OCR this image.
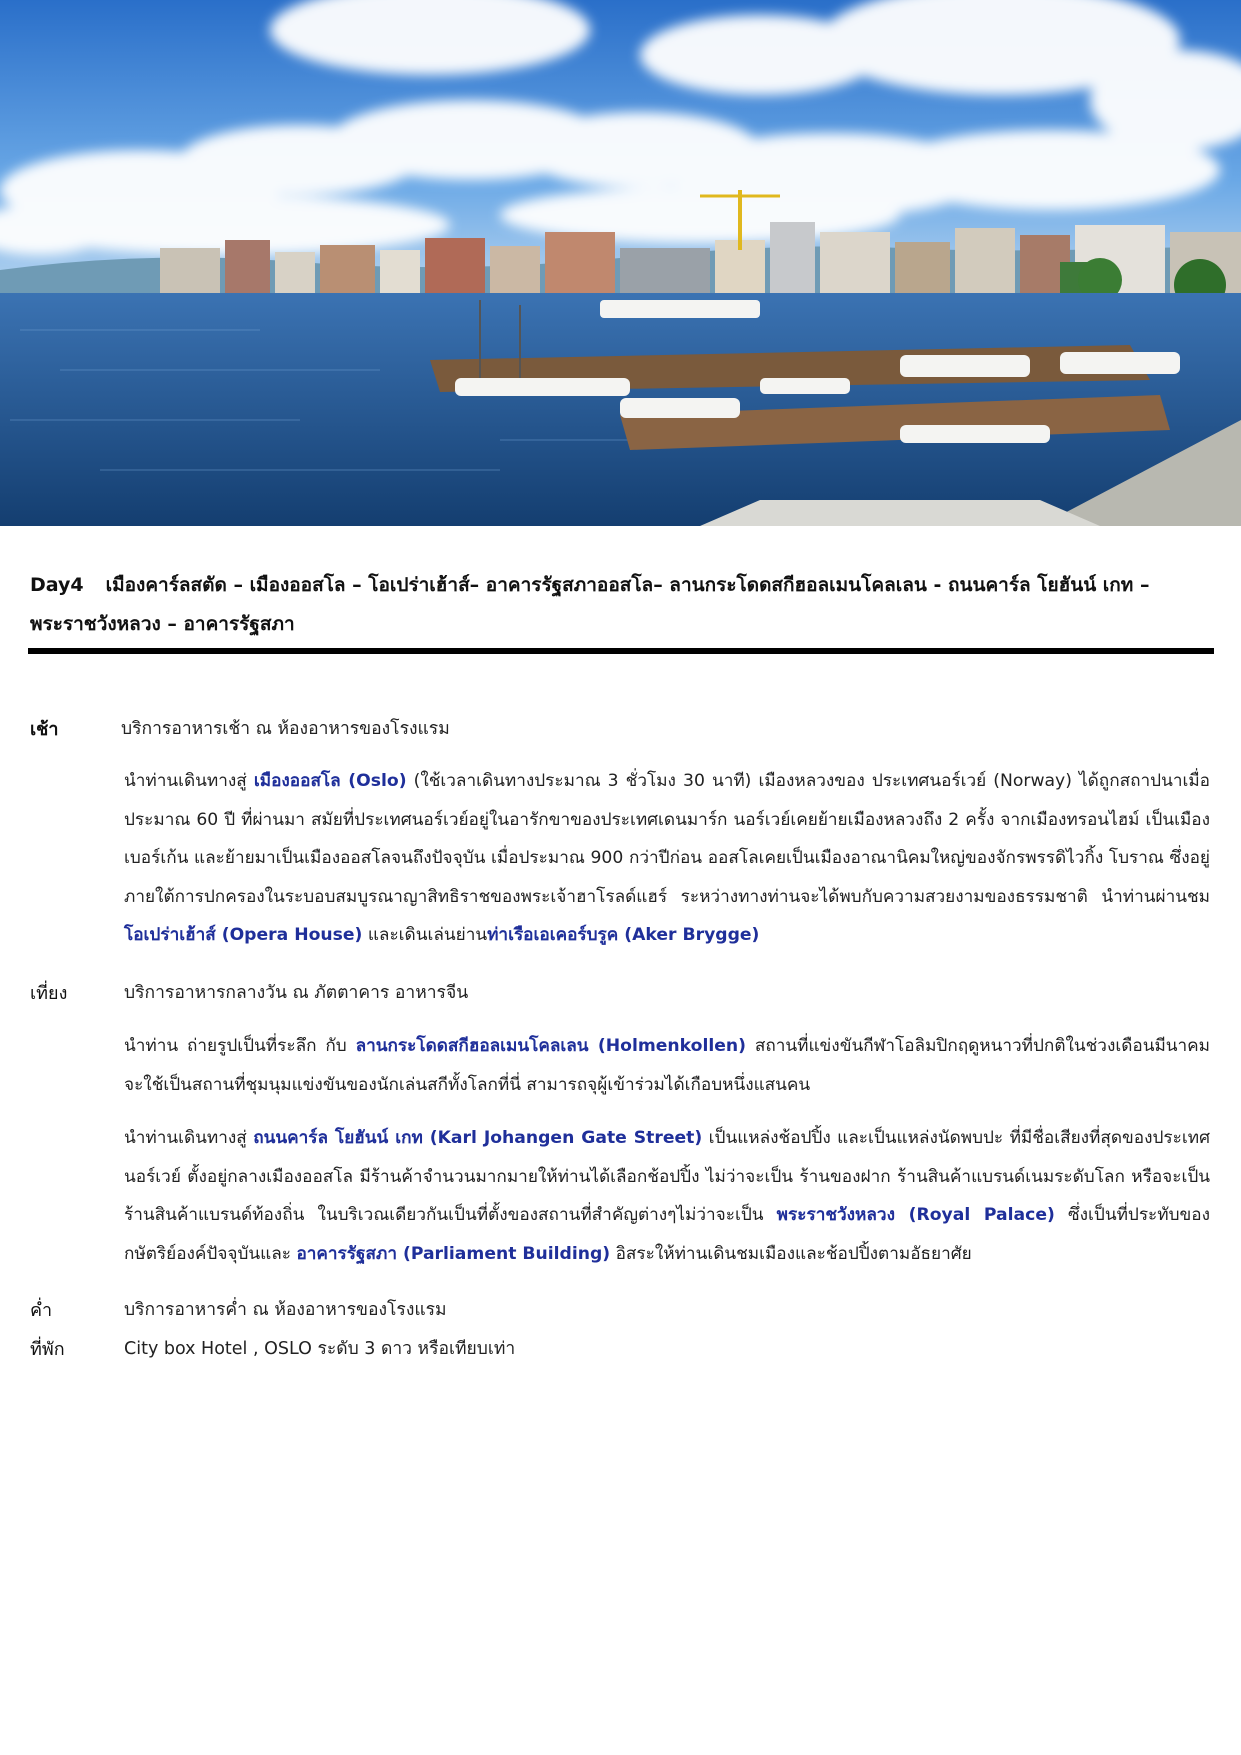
Day4 เมืองคาร์ลสตัด – เมืองออสโล – โอเปร่าเฮ้าส์– อาคารรัฐสภาออสโล– ลานกระโดดสกีฮอลเมนโคลเลน - ถนนคาร์ล โยฮันน์ เกท – พระราชวังหลวง – อาคารรัฐสภา
เช้า	บริการอาหารเช้า ณ ห้องอาหารของโรงแรม
นำท่านเดินทางสู่ เมืองออสโล (Oslo) (ใช้เวลาเดินทางประมาณ 3 ชั่วโมง 30 นาที) เมืองหลวงของ ประเทศนอร์เวย์ (Norway) ได้ถูกสถาปนาเมื่อประมาณ 60 ปี ที่ผ่านมา สมัยที่ประเทศนอร์เวย์อยู่ในอารักขาของประเทศเดนมาร์ก นอร์เวย์เคยย้ายเมืองหลวงถึง 2 ครั้ง จากเมืองทรอนไฮม์ เป็นเมืองเบอร์เก้น และย้ายมาเป็นเมืองออสโลจนถึงปัจจุบัน เมื่อประมาณ 900 กว่าปีก่อน ออสโลเคยเป็นเมืองอาณานิคมใหญ่ของจักรพรรดิไวกิ้ง โบราณ ซึ่งอยู่ภายใต้การปกครองในระบอบสมบูรณาญาสิทธิราชของพระเจ้าฮาโรลด์แฮร์ ระหว่างทางท่านจะได้พบกับความสวยงามของธรรมชาติ นำท่านผ่านชม โอเปร่าเฮ้าส์ (Opera House) และเดินเล่นย่านท่าเรือเอเคอร์บรูค (Aker Brygge)
เที่ยง	บริการอาหารกลางวัน ณ ภัตตาคาร อาหารจีน
นำท่าน ถ่ายรูปเป็นที่ระลึก กับ ลานกระโดดสกีฮอลเมนโคลเลน (Holmenkollen) สถานที่แข่งขันกีฬาโอลิมปิกฤดูหนาวที่ปกติในช่วงเดือนมีนาคมจะใช้เป็นสถานที่ชุมนุมแข่งขันของนักเล่นสกีทั้งโลกที่นี่ สามารถจุผู้เข้าร่วมได้เกือบหนึ่งแสนคน
นำท่านเดินทางสู่ ถนนคาร์ล โยฮันน์ เกท (Karl Johangen Gate Street) เป็นแหล่งช้อปปิ้ง และเป็นแหล่งนัดพบปะ ที่มีชื่อเสียงที่สุดของประเทศนอร์เวย์ ตั้งอยู่กลางเมืองออสโล มีร้านค้าจำนวนมากมายให้ท่านได้เลือกช้อปปิ้ง ไม่ว่าจะเป็น ร้านของฝาก ร้านสินค้าแบรนด์เนมระดับโลก หรือจะเป็นร้านสินค้าแบรนด์ท้องถิ่น ในบริเวณเดียวกันเป็นที่ตั้งของสถานที่สำคัญต่างๆไม่ว่าจะเป็น พระราชวังหลวง (Royal Palace) ซึ่งเป็นที่ประทับของกษัตริย์องค์ปัจจุบันและ อาคารรัฐสภา (Parliament Building) อิสระให้ท่านเดินชมเมืองและช้อปปิ้งตามอัธยาศัย
ค่ำ	บริการอาหารค่ำ ณ ห้องอาหารของโรงแรม
ที่พัก	City box Hotel , OSLO ระดับ 3 ดาว หรือเทียบเท่า
